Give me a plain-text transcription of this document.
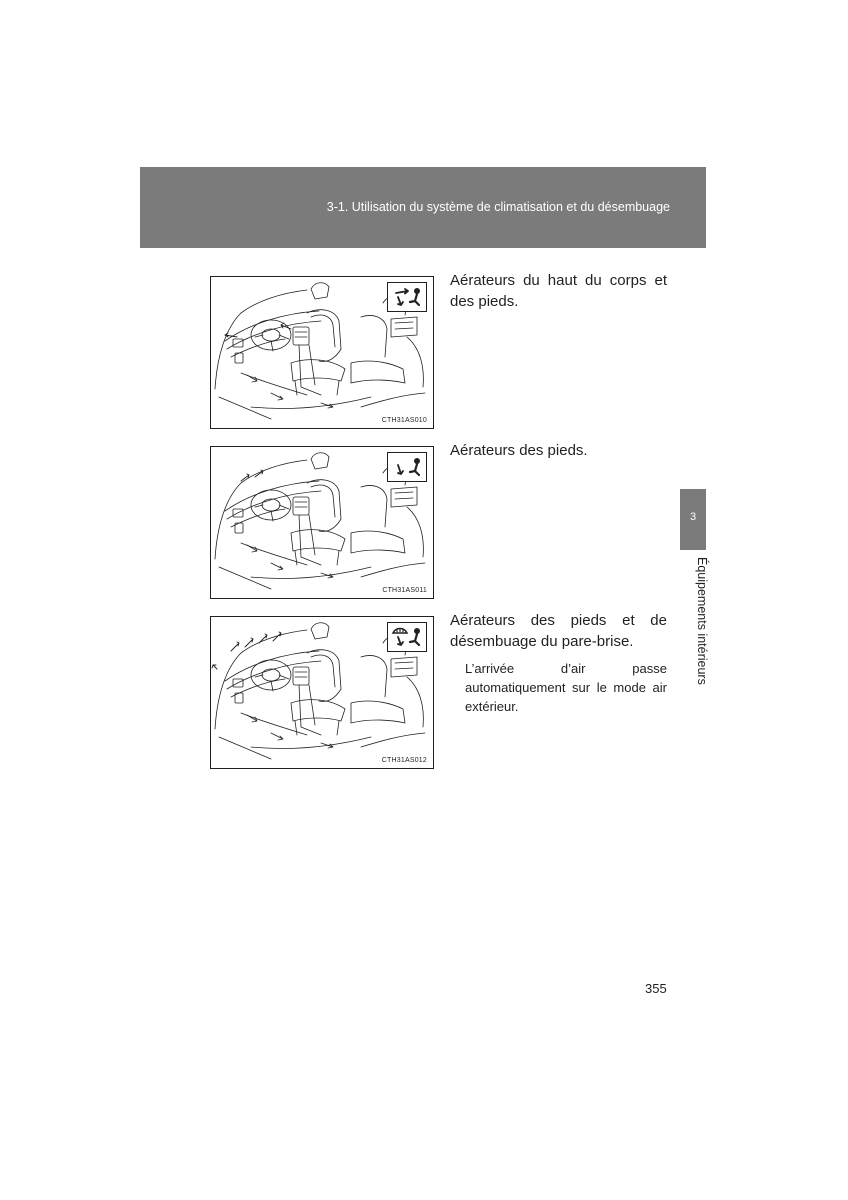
3-1. Utilisation du système de climatisation et du désembuage
3
Équipements intérieurs
CTH31AS010
Aérateurs du haut du corps et des pieds.
CTH31AS011
Aérateurs des pieds.
CTH31AS012
Aérateurs des pieds et de désembuage du pare-brise.
L’arrivée d’air passe automatiquement sur le mode air extérieur.
355
